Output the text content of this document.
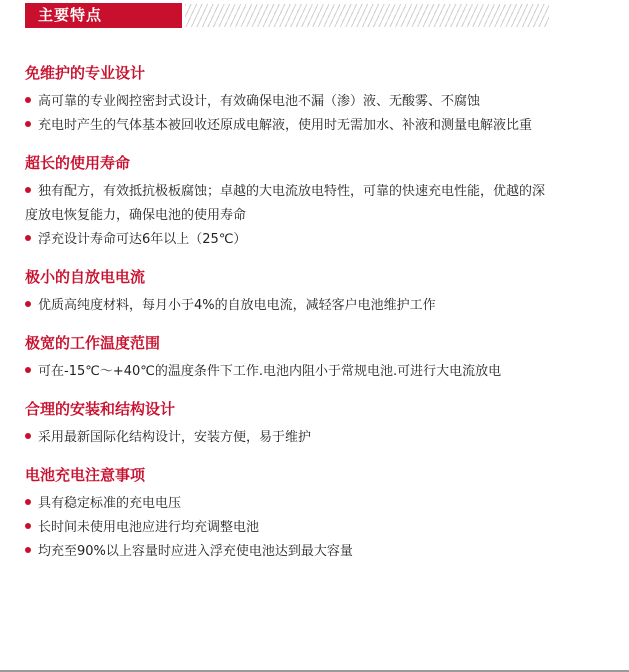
主要特点
免维护的专业设计
高可靠的专业阀控密封式设计，有效确保电池不漏（渗）液、无酸雾、不腐蚀
充电时产生的气体基本被回收还原成电解液，使用时无需加水、补液和测量电解液比重
超长的使用寿命
独有配方，有效抵抗极板腐蚀；卓越的大电流放电特性，可靠的快速充电性能，优越的深度放电恢复能力，确保电池的使用寿命
浮充设计寿命可达6年以上（25℃）
极小的自放电电流
优质高纯度材料，每月小于4%的自放电电流，减轻客户电池维护工作
极宽的工作温度范围
可在-15℃～+40℃的温度条件下工作.电池内阻小于常规电池.可进行大电流放电
合理的安装和结构设计
采用最新国际化结构设计，安装方便，易于维护
电池充电注意事项
具有稳定标准的充电电压
长时间未使用电池应进行均充调整电池
均充至90%以上容量时应进入浮充使电池达到最大容量
